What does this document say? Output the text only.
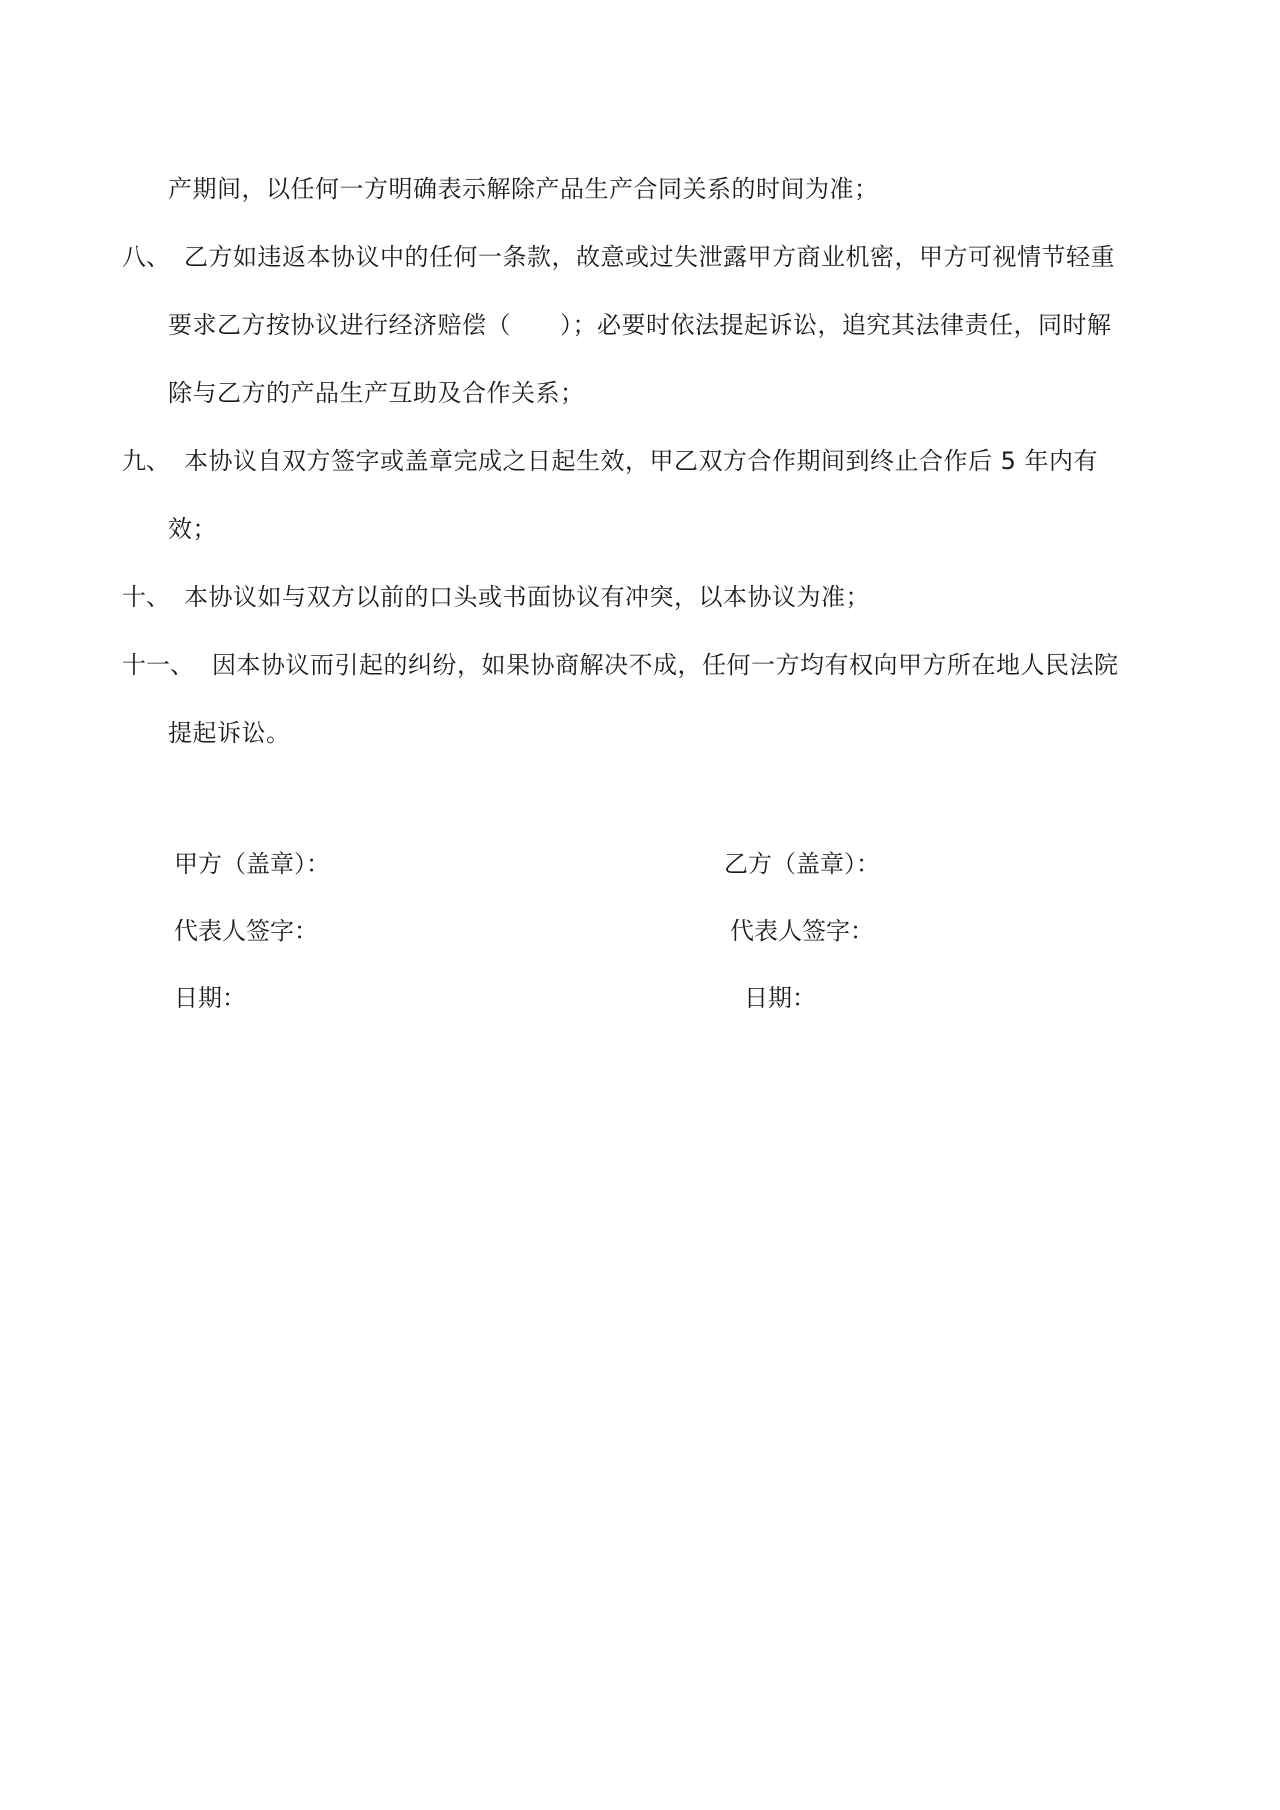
产期间，以任何一方明确表示解除产品生产合同关系的时间为准；
八、 乙方如违返本协议中的任何一条款，故意或过失泄露甲方商业机密，甲方可视情节轻重
要求乙方按协议进行经济赔偿（　　）；必要时依法提起诉讼，追究其法律责任，同时解
除与乙方的产品生产互助及合作关系；
九、 本协议自双方签字或盖章完成之日起生效，甲乙双方合作期间到终止合作后 5 年内有
效；
十、 本协议如与双方以前的口头或书面协议有冲突，以本协议为准；
十一、 因本协议而引起的纠纷，如果协商解决不成，任何一方均有权向甲方所在地人民法院
提起诉讼。
甲方（盖章）：
代表人签字：
日期：
乙方（盖章）：
代表人签字：
日期：
